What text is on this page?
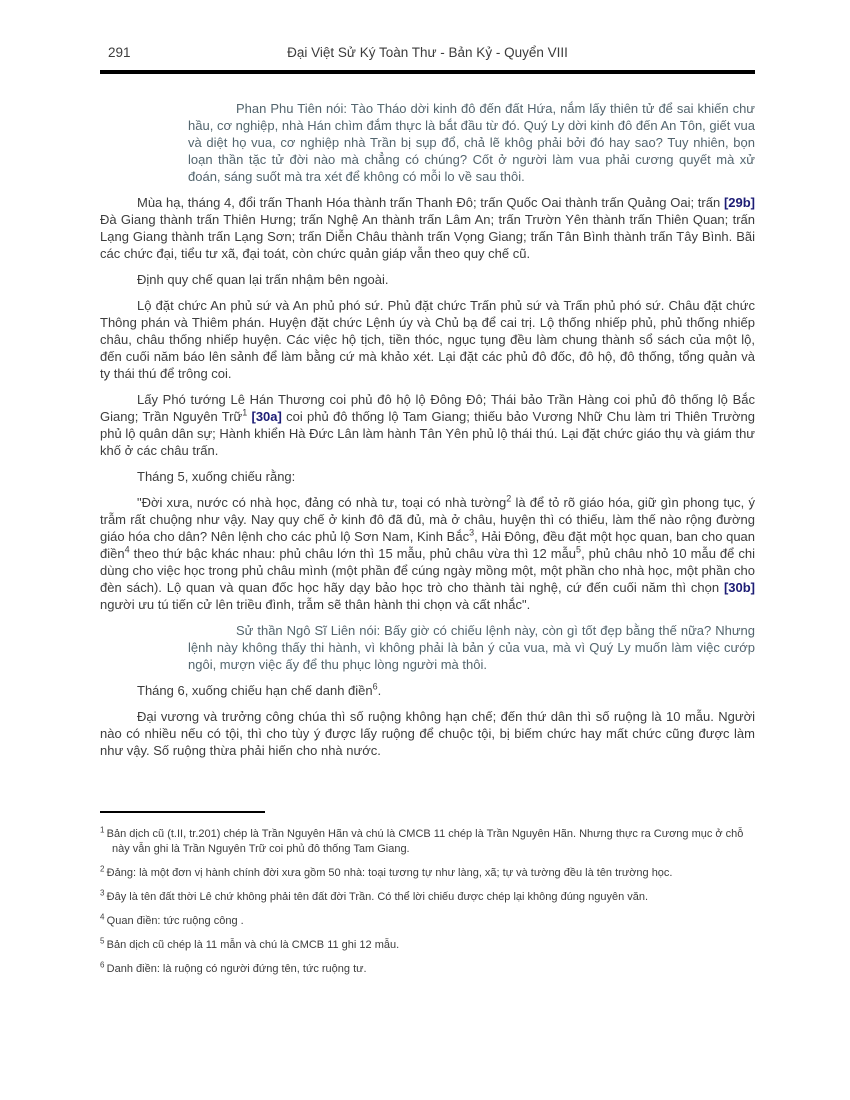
291	Đại Việt Sử Ký Toàn Thư - Bản Kỷ - Quyển VIII

Phan Phu Tiên nói: Tào Tháo dời kinh đô đến đất Hứa, nắm lấy thiên tử để sai khiến chư hầu, cơ nghiệp, nhà Hán chìm đắm thực là bắt đầu từ đó. Quý Ly dời kinh đô đến An Tôn, giết vua và diệt họ vua, cơ nghiệp nhà Trần bị sụp đổ, chả lẽ khôg phải bởi đó hay sao? Tuy nhiên, bọn loạn thần tặc tử đời nào mà chẳng có chúng? Cốt ở người làm vua phải cương quyết mà xử đoán, sáng suốt mà tra xét để không có mỗi lo về sau thôi.

Mùa hạ, tháng 4, đổi trấn Thanh Hóa thành trấn Thanh Đô; trấn Quốc Oai thành trấn Quảng Oai; trấn [29b] Đà Giang thành trấn Thiên Hưng; trấn Nghệ An thành trấn Lâm An; trấn Trườn Yên thành trấn Thiên Quan; trấn Lạng Giang thành trấn Lạng Sơn; trấn Diễn Châu thành trấn Vọng Giang; trấn Tân Bình thành trấn Tây Bình. Bãi các chức đại, tiểu tư xã, đại toát, còn chức quản giáp vẫn theo quy chế cũ.

Định quy chế quan lại trấn nhậm bên ngoài.

Lộ đặt chức An phủ sứ và An phủ phó sứ. Phủ đặt chức Trấn phủ sứ và Trấn phủ phó sứ. Châu đặt chức Thông phán và Thiêm phán. Huyện đặt chức Lệnh úy và Chủ bạ để cai trị. Lộ thống nhiếp phủ, phủ thống nhiếp châu, châu thống nhiếp huyện. Các việc hộ tịch, tiền thóc, ngục tụng đều làm chung thành sổ sách của một lộ, đến cuối năm báo lên sảnh để làm bằng cứ mà khảo xét. Lại đặt các phủ đô đốc, đô hộ, đô thống, tổng quản và ty thái thú để trông coi.

Lấy Phó tướng Lê Hán Thương coi phủ đô hộ lộ Đông Đô; Thái bảo Trần Hàng coi phủ đô thống lộ Bắc Giang; Trần Nguyên Trữ$^1$ [30a] coi phủ đô thống lộ Tam Giang; thiếu bảo Vương Nhữ Chu làm tri Thiên Trường phủ lộ quân dân sự; Hành khiển Hà Đức Lân làm hành Tân Yên phủ lộ thái thú. Lại đặt chức giáo thụ và giám thư khố ở các châu trấn.

Tháng 5, xuống chiếu rằng:

"Đời xưa, nước có nhà học, đảng có nhà tư, toại có nhà tường$^2$ là để tỏ rõ giáo hóa, giữ gìn phong tục, ý trẫm rất chuộng như vậy. Nay quy chế ở kinh đô đã đủ, mà ở châu, huyện thì có thiếu, làm thế nào rộng đường giáo hóa cho dân? Nên lệnh cho các phủ lộ Sơn Nam, Kinh Bắc$^3$, Hải Đông, đều đặt một học quan, ban cho quan điền$^4$ theo thứ bậc khác nhau: phủ châu lớn thì 15 mẫu, phủ châu vừa thì 12 mẫu$^5$, phủ châu nhỏ 10 mẫu để chi dùng cho việc học trong phủ châu mình (một phần để cúng ngày mồng một, một phần cho nhà học, một phần cho đèn sách). Lộ quan và quan đốc học hãy dạy bảo học trò cho thành tài nghệ, cứ đến cuối năm thì chọn [30b] người ưu tú tiến cử lên triều đình, trẫm sẽ thân hành thi chọn và cất nhắc".

Sử thần Ngô Sĩ Liên nói: Bấy giờ có chiếu lệnh này, còn gì tốt đẹp bằng thế nữa? Nhưng lệnh này không thấy thi hành, vì không phải là bản ý của vua, mà vì Quý Ly muốn làm việc cướp ngôi, mượn việc ấy để thu phục lòng người mà thôi.

Tháng 6, xuống chiếu hạn chế danh điền$^6$.

Đại vương và trưởng công chúa thì số ruộng không hạn chế; đến thứ dân thì số ruộng là 10 mẫu. Người nào có nhiều nếu có tội, thì cho tùy ý được lấy ruộng để chuộc tội, bị biếm chức hay mất chức cũng được làm như vậy. Số ruộng thừa phải hiến cho nhà nước.

$^1$ Bản dịch cũ (t.II, tr.201) chép là Trần Nguyên Hãn và chú là CMCB 11 chép là Trần Nguyên Hãn. Nhưng thực ra Cương mục ở chỗ này vẫn ghi là Trần Nguyên Trữ coi phủ đô thống Tam Giang.

$^2$ Đảng: là một đơn vị hành chính đời xưa gồm 50 nhà: toại tương tự như làng, xã; tự và tường đều là tên trường học.

$^3$ Đây là tên đất thời Lê chứ không phải tên đất đời Trần. Có thể lời chiếu được chép lại không đúng nguyên văn.

$^4$ Quan điền: tức ruộng công .

$^5$ Bản dịch cũ chép là 11 mẫn và chú là CMCB 11 ghi 12 mẫu.

$^6$ Danh điền: là ruộng có người đứng tên, tức ruộng tư.
